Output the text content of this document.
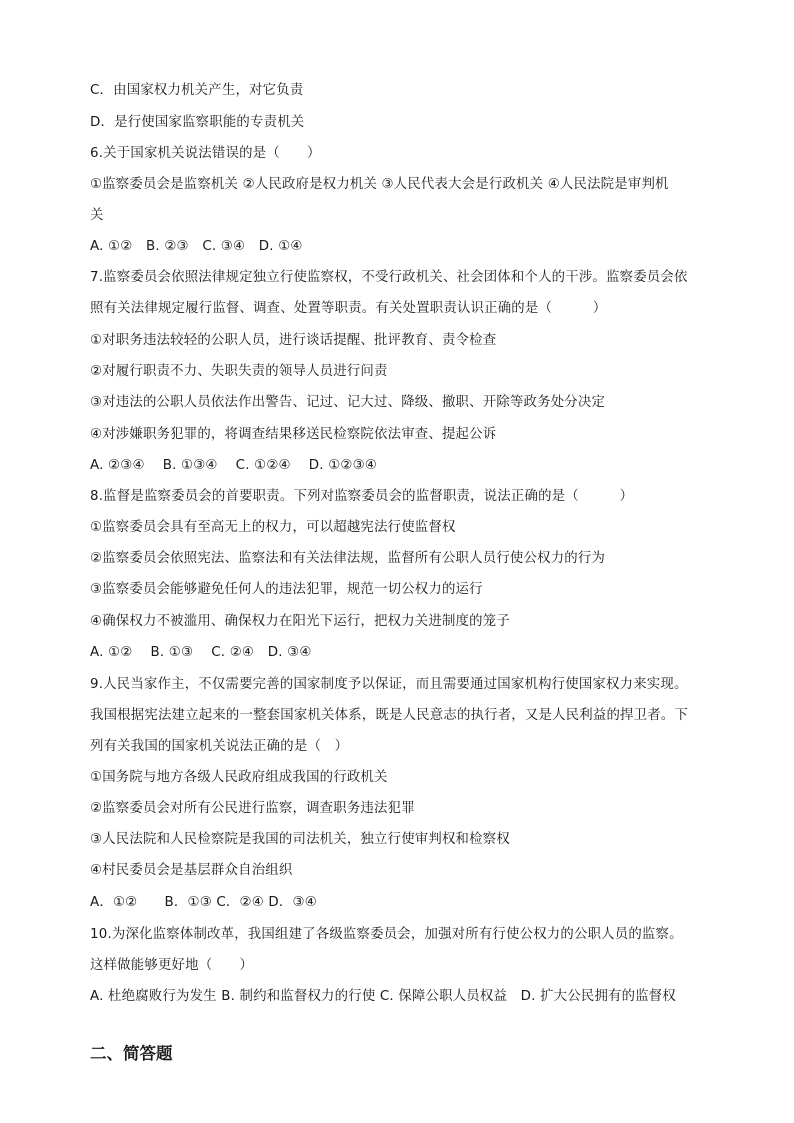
C．由国家权力机关产生，对它负责
D．是行使国家监察职能的专责机关
6.关于国家机关说法错误的是（　　）
①监察委员会是监察机关 ②人民政府是权力机关 ③人民代表大会是行政机关 ④人民法院是审判机
关
A. ①②　B. ②③　C. ③④　D. ①④
7.监察委员会依照法律规定独立行使监察权，不受行政机关、社会团体和个人的干涉。监察委员会依
照有关法律规定履行监督、调查、处置等职责。有关处置职责认识正确的是（　　　）
①对职务违法较轻的公职人员，进行谈话提醒、批评教育、责令检查
②对履行职责不力、失职失责的领导人员进行问责
③对违法的公职人员依法作出警告、记过、记大过、降级、撤职、开除等政务处分决定
④对涉嫌职务犯罪的，将调查结果移送民检察院依法审查、提起公诉
A. ②③④　 B. ①③④　 C. ①②④　 D. ①②③④
8.监督是监察委员会的首要职责。下列对监察委员会的监督职责，说法正确的是（　　　）
①监察委员会具有至高无上的权力，可以超越宪法行使监督权
②监察委员会依照宪法、监察法和有关法律法规，监督所有公职人员行使公权力的行为
③监察委员会能够避免任何人的违法犯罪，规范一切公权力的运行
④确保权力不被滥用、确保权力在阳光下运行，把权力关进制度的笼子
A. ①②　 B. ①③　 C. ②④　D. ③④
9.人民当家作主，不仅需要完善的国家制度予以保证，而且需要通过国家机构行使国家权力来实现。
我国根据宪法建立起来的一整套国家机关体系，既是人民意志的执行者，又是人民利益的捍卫者。下
列有关我国的国家机关说法正确的是（　）
①国务院与地方各级人民政府组成我国的行政机关
②监察委员会对所有公民进行监察，调查职务违法犯罪
③人民法院和人民检察院是我国的司法机关，独立行使审判权和检察权
④村民委员会是基层群众自治组织
A．①②　　B．①③ C．②④ D．③④
10.为深化监察体制改革，我国组建了各级监察委员会，加强对所有行使公权力的公职人员的监察。
这样做能够更好地（　　）
A. 杜绝腐败行为发生 B. 制约和监督权力的行使 C. 保障公职人员权益　D. 扩大公民拥有的监督权
二、简答题
